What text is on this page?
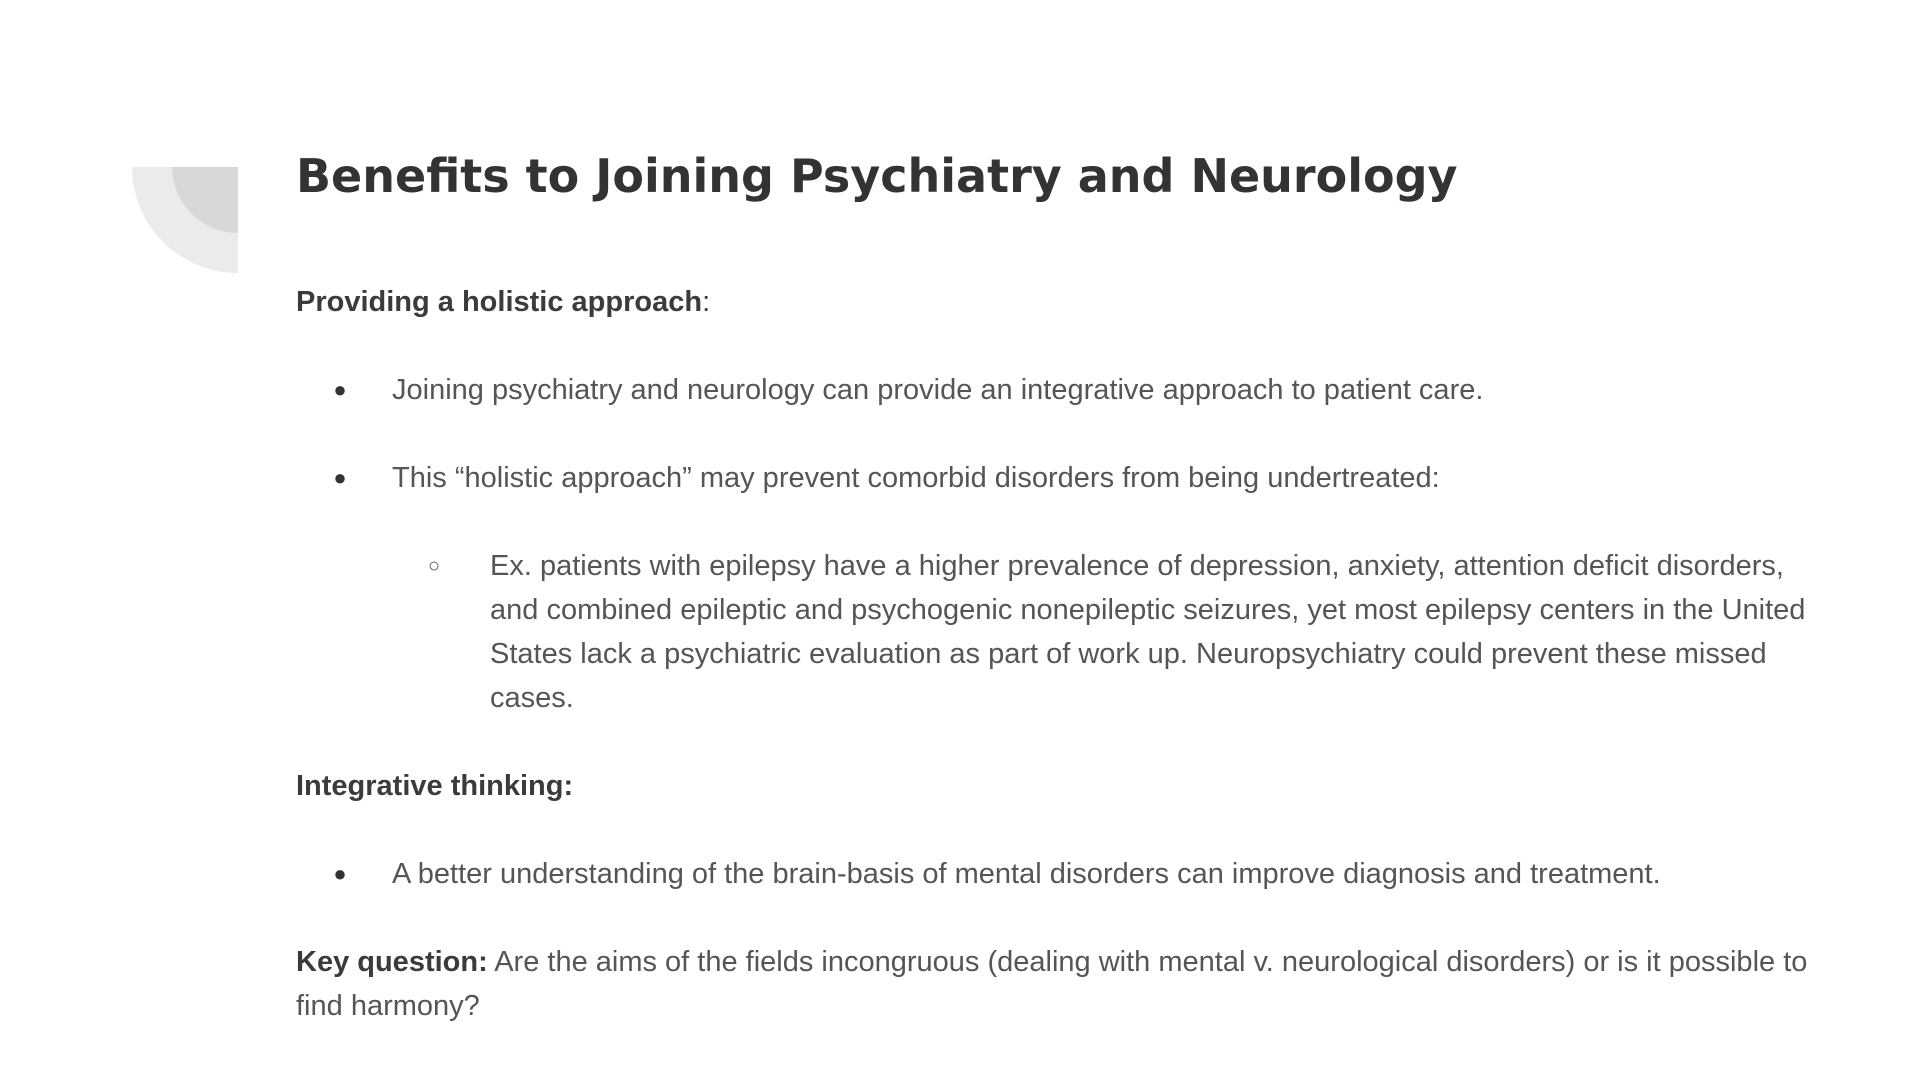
Benefits to Joining Psychiatry and Neurology

Providing a holistic approach:

● Joining psychiatry and neurology can provide an integrative approach to patient care.
● This “holistic approach” may prevent comorbid disorders from being undertreated:
○ Ex. patients with epilepsy have a higher prevalence of depression, anxiety, attention deficit disorders, and combined epileptic and psychogenic nonepileptic seizures, yet most epilepsy centers in the United States lack a psychiatric evaluation as part of work up. Neuropsychiatry could prevent these missed cases.

Integrative thinking:

● A better understanding of the brain-basis of mental disorders can improve diagnosis and treatment.

Key question: Are the aims of the fields incongruous (dealing with mental v. neurological disorders) or is it possible to find harmony?
